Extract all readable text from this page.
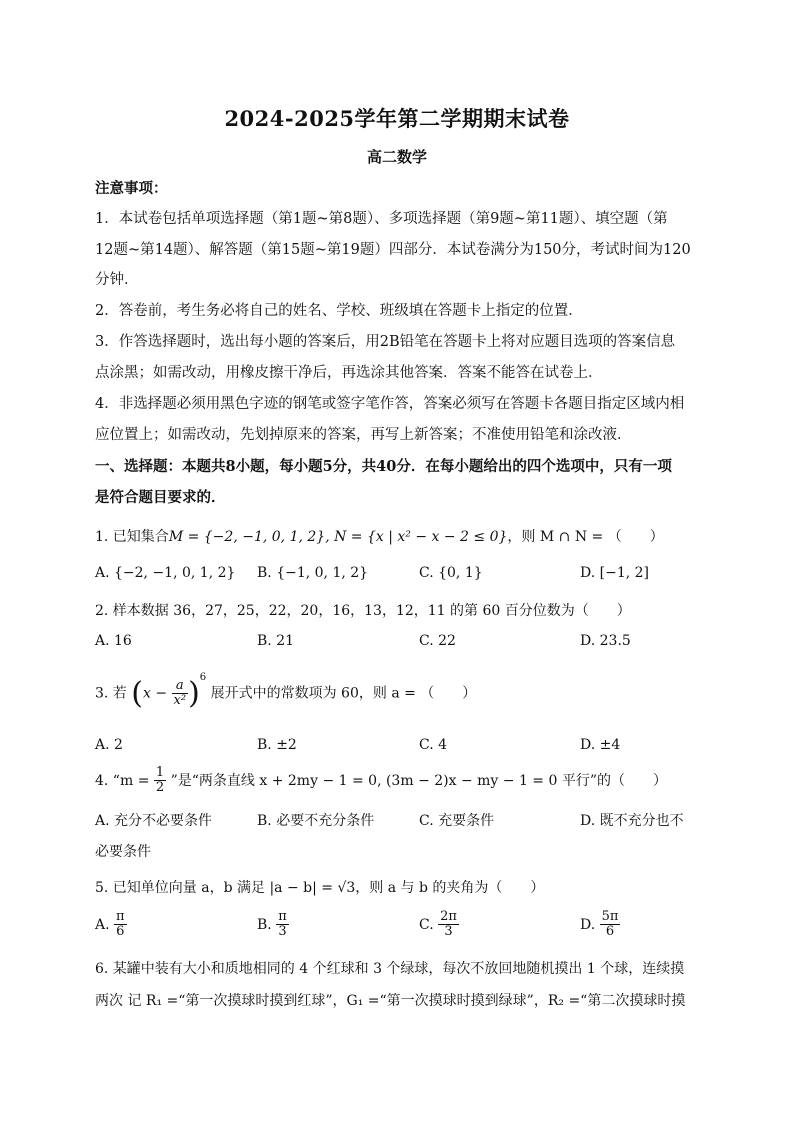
2024-2025学年第二学期期末试卷
高二数学
注意事项：
1．本试卷包括单项选择题（第1题~第8题）、多项选择题（第9题~第11题）、填空题（第
12题~第14题）、解答题（第15题~第19题）四部分．本试卷满分为150分，考试时间为120
分钟．
2．答卷前，考生务必将自己的姓名、学校、班级填在答题卡上指定的位置．
3．作答选择题时，选出每小题的答案后，用2B铅笔在答题卡上将对应题目选项的答案信息
点涂黑；如需改动，用橡皮擦干净后，再选涂其他答案．答案不能答在试卷上．
4．非选择题必须用黑色字迹的钢笔或签字笔作答，答案必须写在答题卡各题目指定区域内相
应位置上；如需改动，先划掉原来的答案，再写上新答案；不准使用铅笔和涂改液．
一、选择题：本题共8小题，每小题5分，共40分．在每小题给出的四个选项中，只有一项
是符合题目要求的．
1. 已知集合M = {−2, −1, 0, 1, 2}, N = {x | x² − x − 2 ≤ 0}，则 M ∩ N = （　　）
A. {−2, −1, 0, 1, 2} B. {−1, 0, 1, 2}	C. {0, 1}	D. [−1, 2]
2. 样本数据 36，27，25，22，20，16，13，12，11 的第 60 百分位数为（　　）
A. 16	B. 21	C. 22	D. 23.5
3. 若 $(x - \frac{a}{\text{x²}} )^6$ 展开式中的常数项为 60，则 a = （　　）
A. 2	B. ±2	C. 4	D. ±4
4. “$m = \frac{1}{2}$ ”是“两条直线 x + 2my − 1 = 0, (3m − 2)x − my − 1 = 0 平行”的（　　）
A. 充分不必要条件	B. 必要不充分条件	C. 充要条件	D. 既不充分也不
必要条件
5. 已知单位向量 a，b 满足 |a − b| = √3，则 a 与 b 的夹角为（　　）
A. $\frac{\pi}{6}$	B. $\frac{\pi}{3}$	C. $\frac{2\pi}{3}$	D. $\frac{5\pi}{6}$
6. 某罐中装有大小和质地相同的 4 个红球和 3 个绿球，每次不放回地随机摸出 1 个球，连续摸
两次 记 R₁ =“第一次摸球时摸到红球”，G₁ =“第一次摸球时摸到绿球”，R₂ =“第二次摸球时摸
